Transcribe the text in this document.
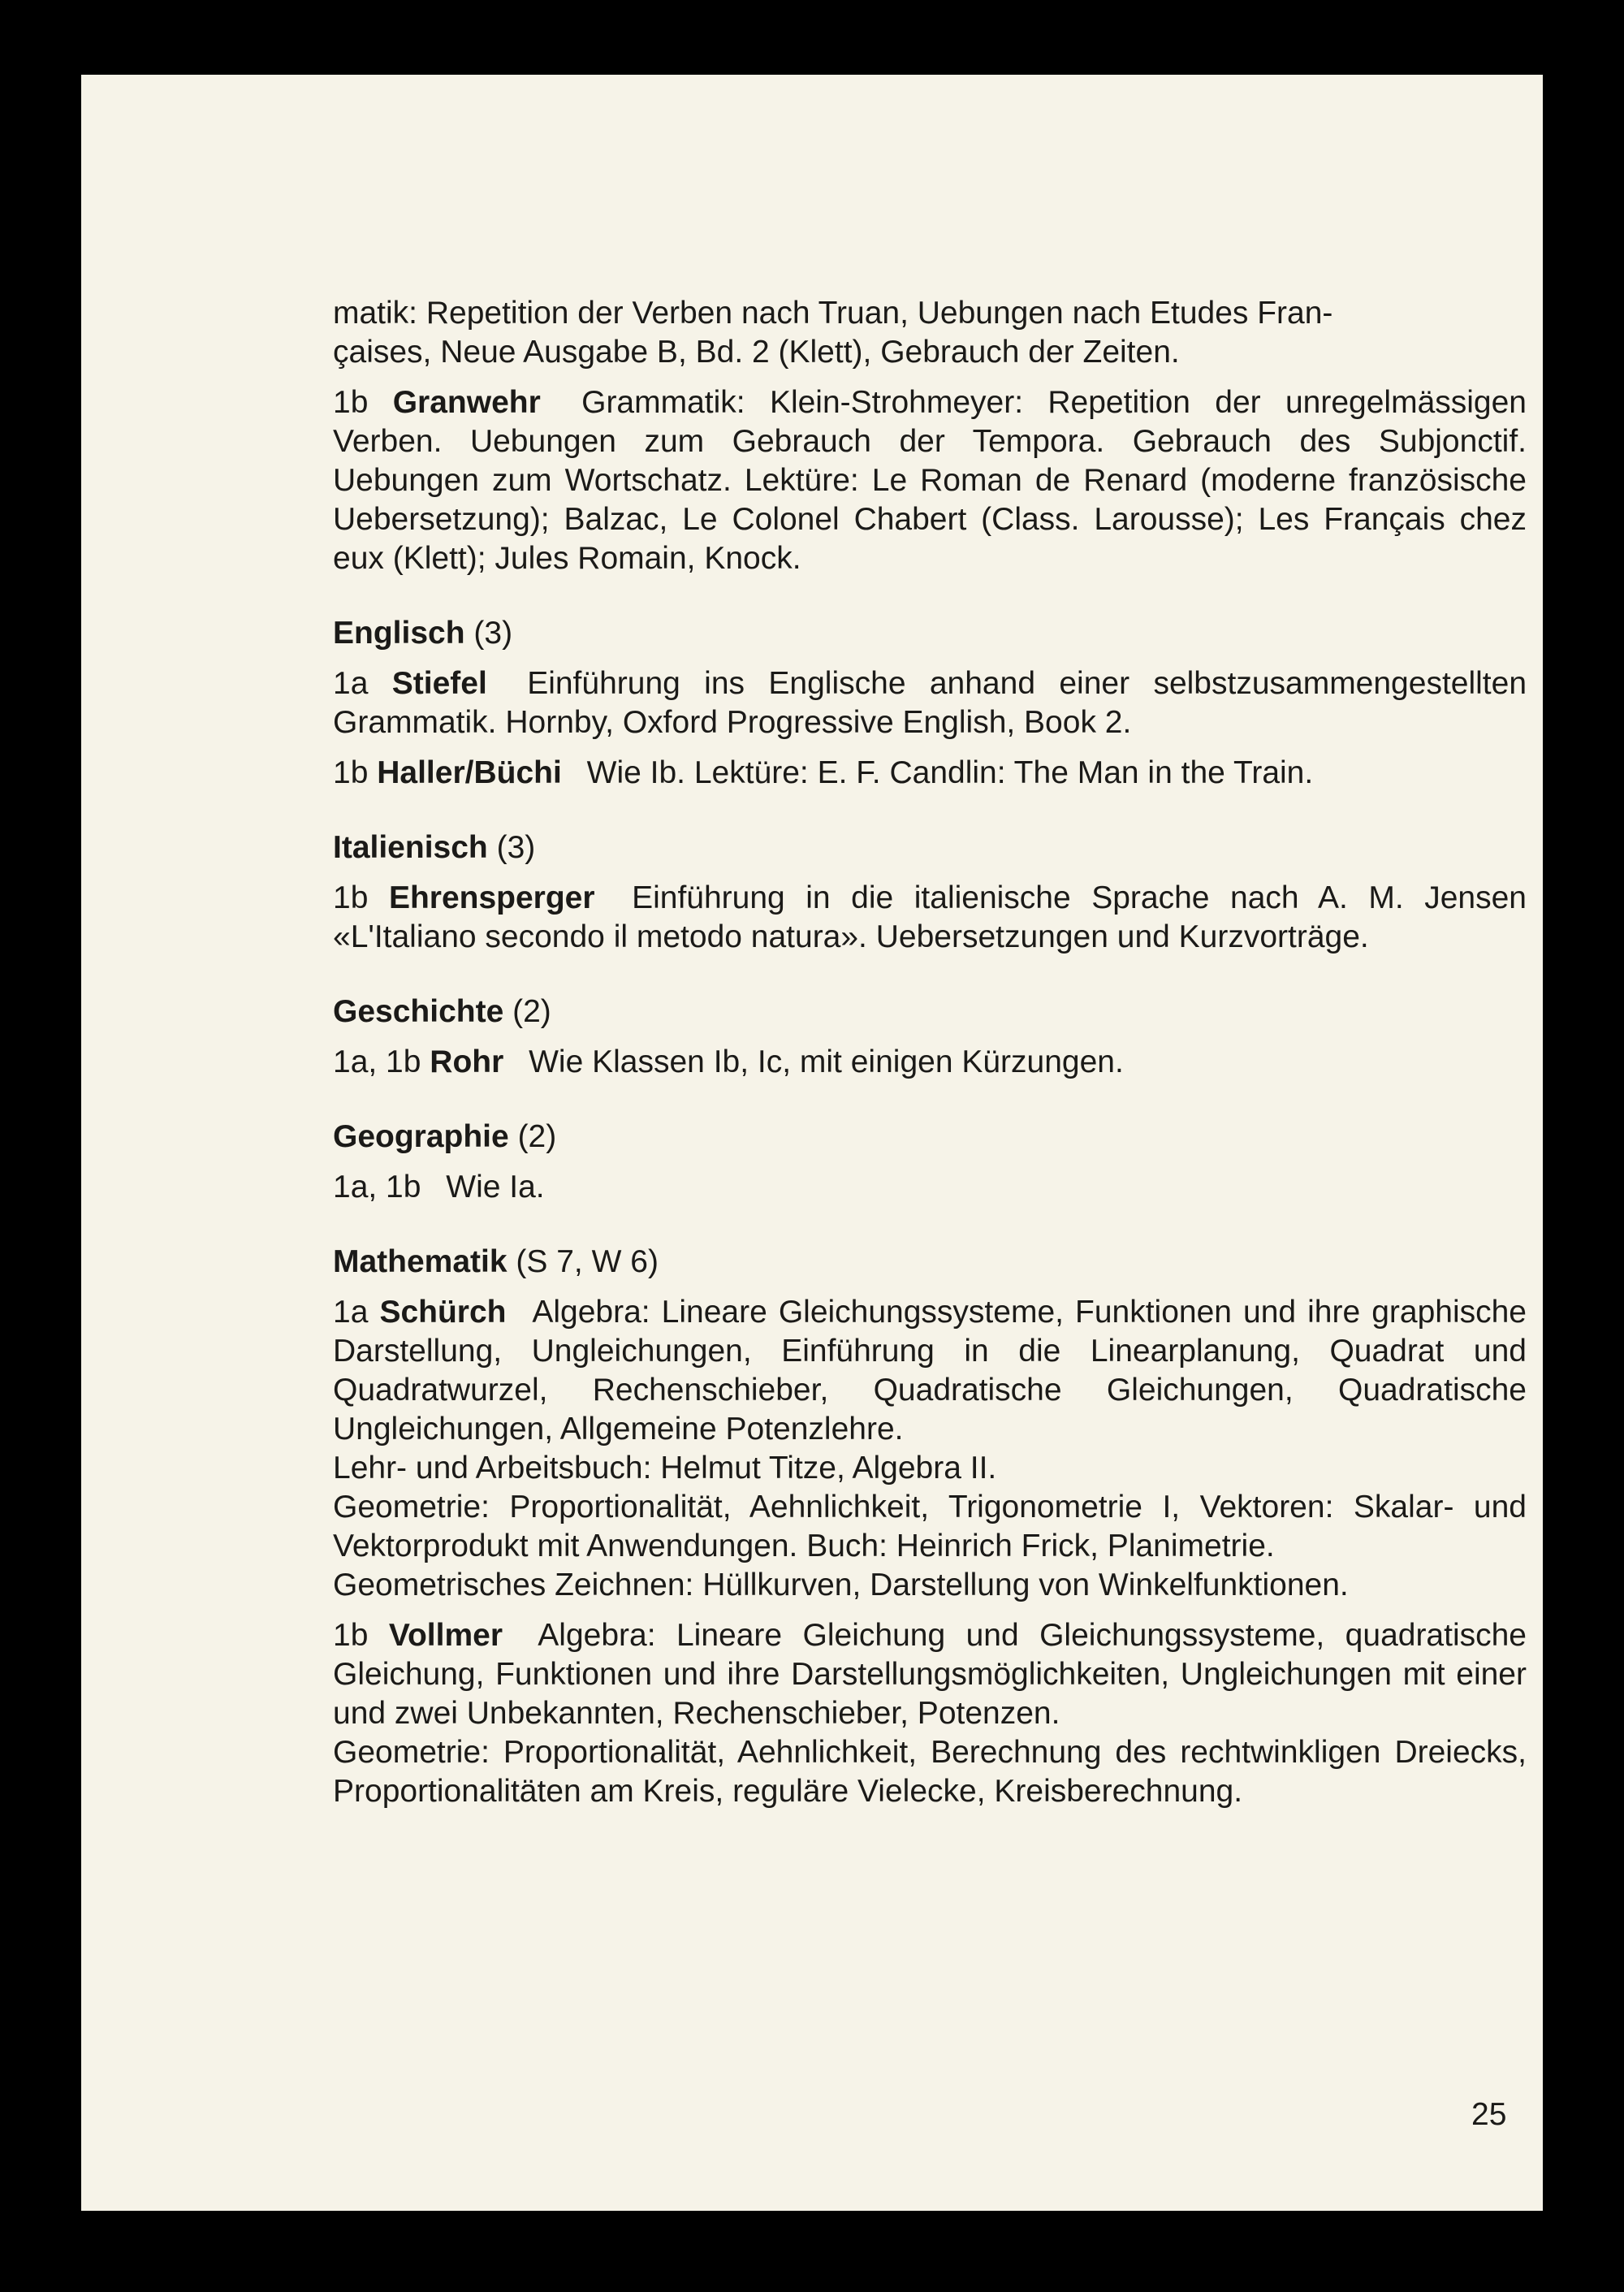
matik: Repetition der Verben nach Truan, Uebungen nach Etudes Fran-
çaises, Neue Ausgabe B, Bd. 2 (Klett), Gebrauch der Zeiten.

1b Granwehr Grammatik: Klein-Strohmeyer: Repetition der unregelmässigen Verben. Uebungen zum Gebrauch der Tempora. Gebrauch des Subjonctif. Uebungen zum Wortschatz. Lektüre: Le Roman de Renard (moderne französische Uebersetzung); Balzac, Le Colonel Chabert (Class. Larousse); Les Français chez eux (Klett); Jules Romain, Knock.

Englisch (3)

1a Stiefel Einführung ins Englische anhand einer selbstzusammengestellten Grammatik. Hornby, Oxford Progressive English, Book 2.

1b Haller/Büchi Wie Ib. Lektüre: E. F. Candlin: The Man in the Train.

Italienisch (3)

1b Ehrensperger Einführung in die italienische Sprache nach A. M. Jensen «L'Italiano secondo il metodo natura». Uebersetzungen und Kurzvorträge.

Geschichte (2)

1a, 1b Rohr Wie Klassen Ib, Ic, mit einigen Kürzungen.

Geographie (2)

1a, 1b Wie Ia.

Mathematik (S 7, W 6)

1a Schürch Algebra: Lineare Gleichungssysteme, Funktionen und ihre graphische Darstellung, Ungleichungen, Einführung in die Linearplanung, Quadrat und Quadratwurzel, Rechenschieber, Quadratische Gleichungen, Quadratische Ungleichungen, Allgemeine Potenzlehre.

Lehr- und Arbeitsbuch: Helmut Titze, Algebra II.

Geometrie: Proportionalität, Aehnlichkeit, Trigonometrie I, Vektoren: Skalar- und Vektorprodukt mit Anwendungen. Buch: Heinrich Frick, Planimetrie.

Geometrisches Zeichnen: Hüllkurven, Darstellung von Winkelfunktionen.

1b Vollmer Algebra: Lineare Gleichung und Gleichungssysteme, quadratische Gleichung, Funktionen und ihre Darstellungsmöglichkeiten, Ungleichungen mit einer und zwei Unbekannten, Rechenschieber, Potenzen.

Geometrie: Proportionalität, Aehnlichkeit, Berechnung des rechtwinkligen Dreiecks, Proportionalitäten am Kreis, reguläre Vielecke, Kreisberechnung.

25
